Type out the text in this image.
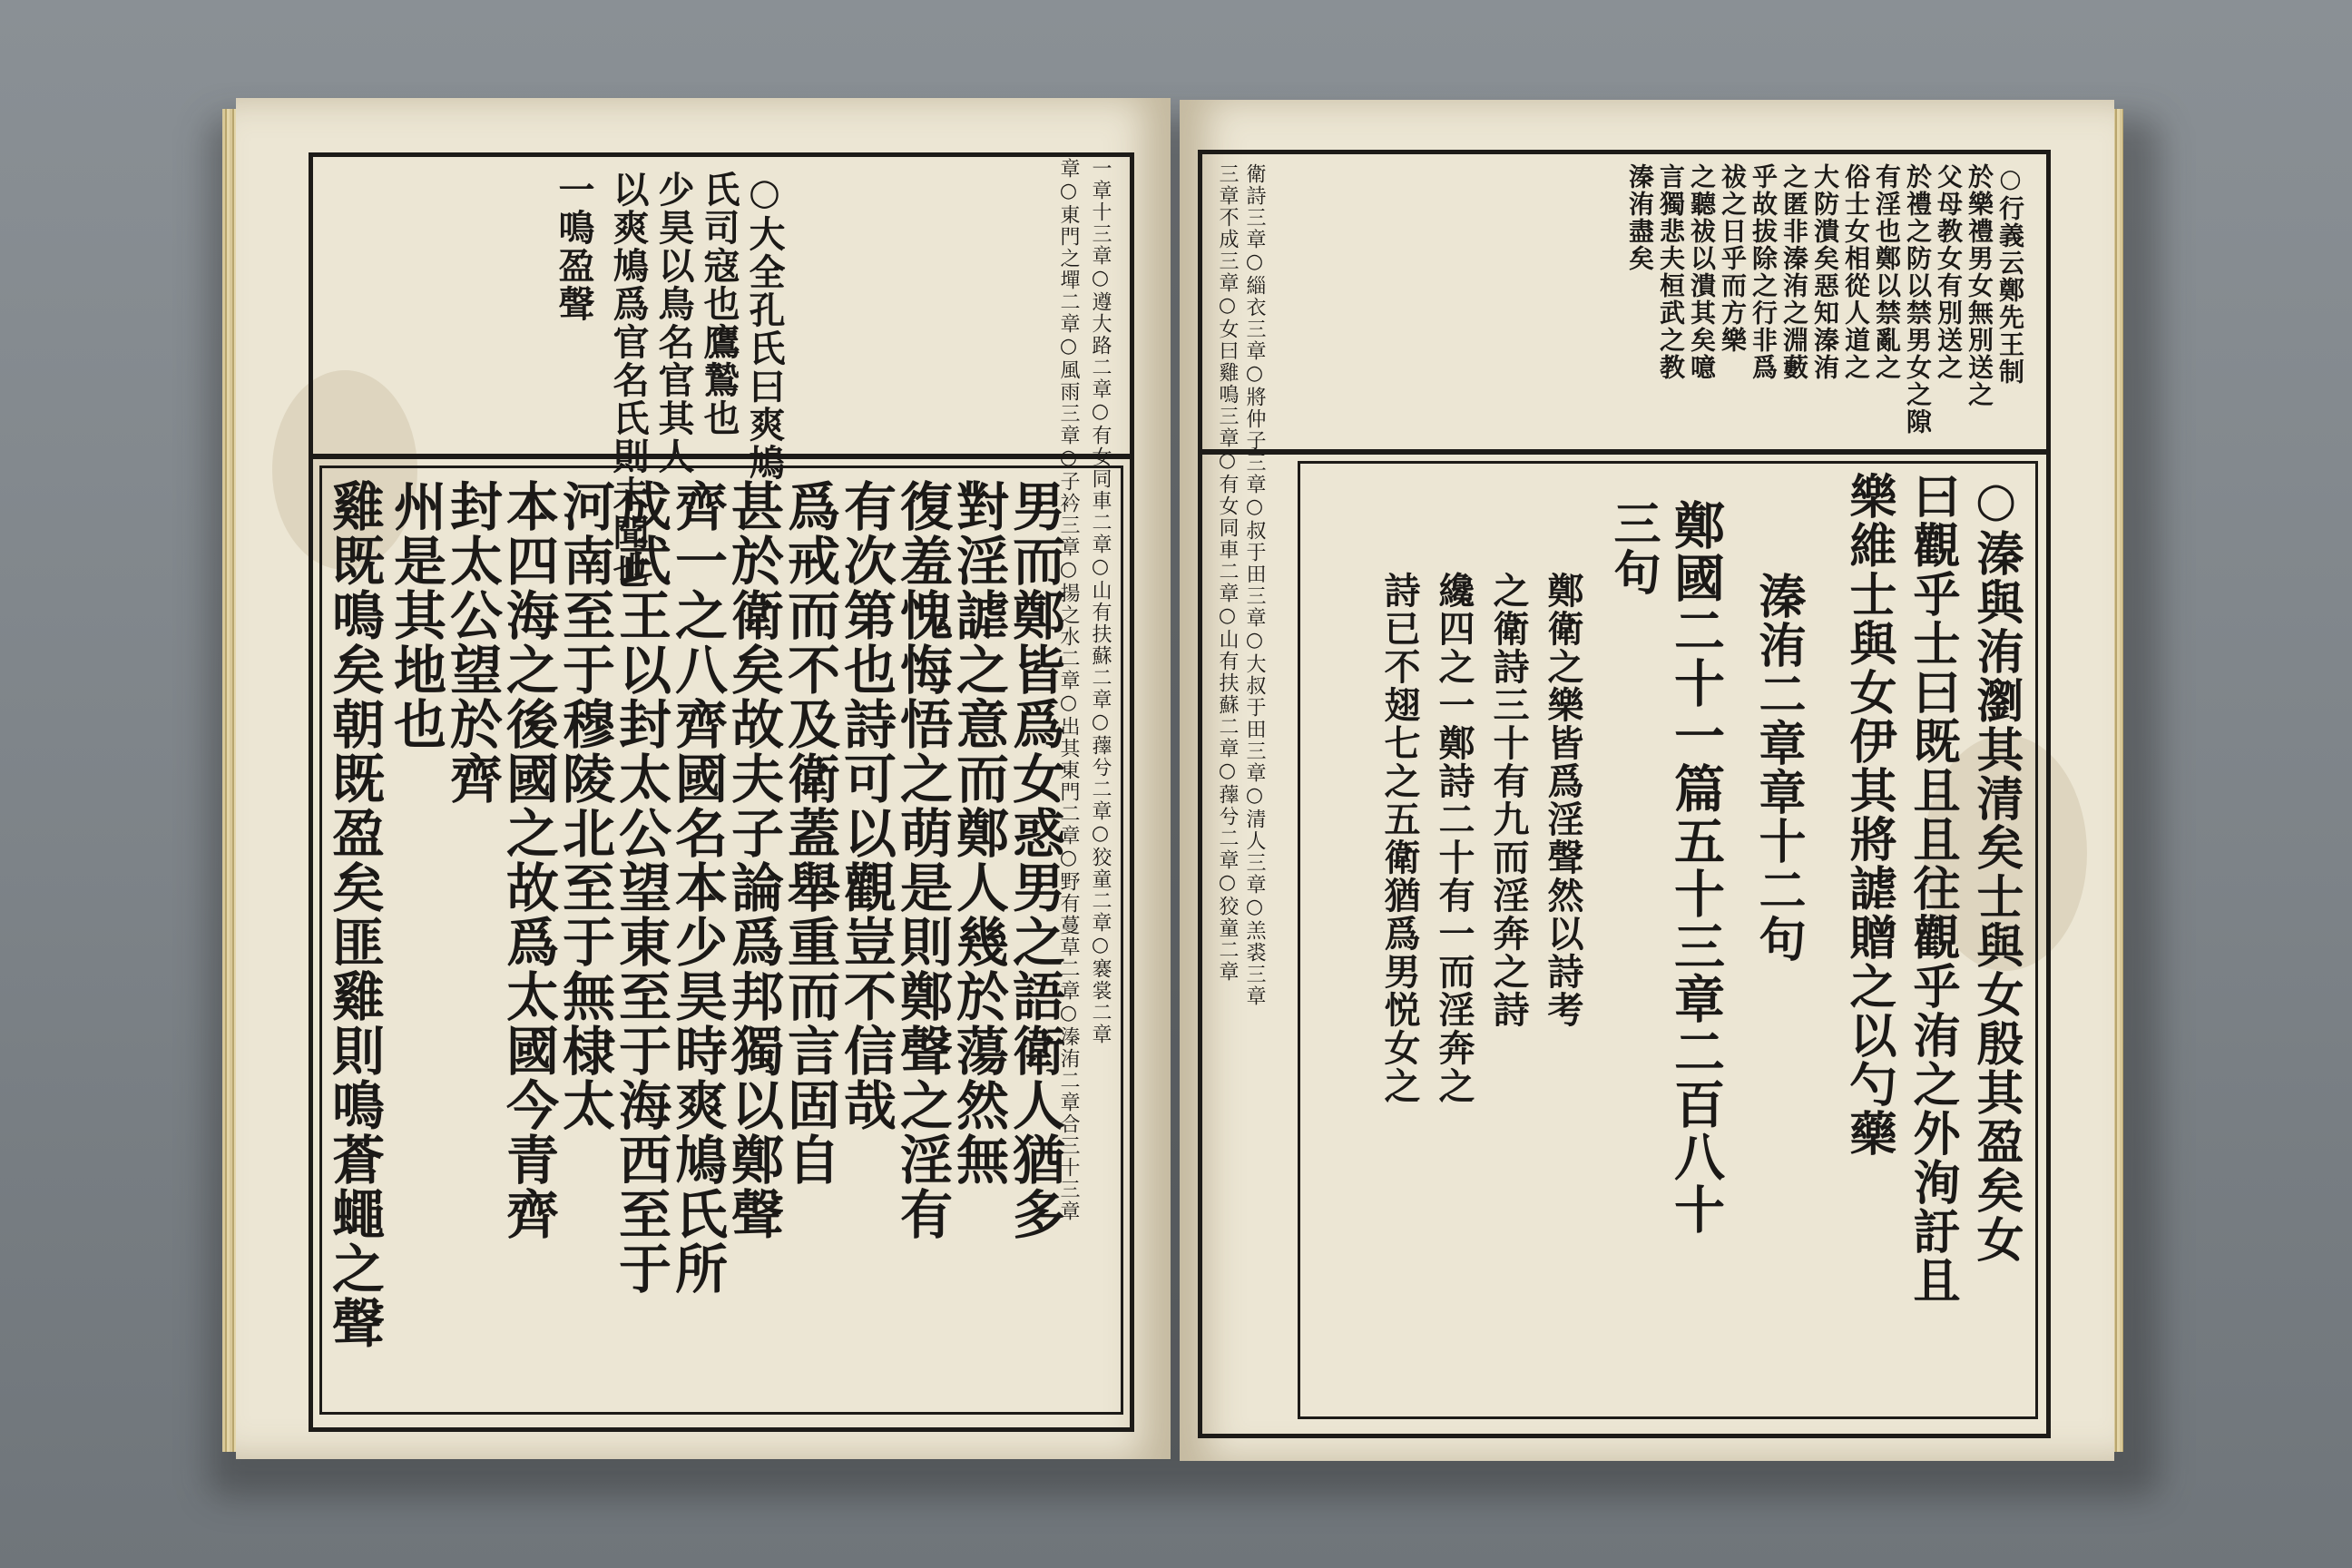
○大全孔氏曰爽鳩
氏司寇也鷹鷙也
少昊以鳥名官其人
以爽鳩爲官名氏則未聞也
一鳴盈聲	一章十三章○遵大路二章○有女同車二章○山有扶蘇二章○蘀兮二章○狡童二章○褰裳二章
章○東門之墠二章○風雨三章○子衿三章○揚之水二章○出其東門二章○野有蔓草二章○溱洧二章合三十三章
雞既鳴矣朝既盈矣匪雞則鳴蒼蠅之聲 州是其地也
封太公望於齊
本四海之後國之故爲太國今青齊
河南至于穆陵北至于無棣太
成武王以封太公望東至于海西至于
齊一之八齊國名本少昊時爽鳩氏所
甚於衛矣故夫子論爲邦獨以鄭聲
爲戒而不及衛蓋舉重而言固自
有次第也詩可以觀豈不信哉
復羞愧悔悟之萌是則鄭聲之淫有
對淫謔之意而鄭人幾於蕩然無
男而鄭皆爲女惑男之語衛人猶多
○行義云鄭先王制
於樂禮男女無別送之
父母教女有別送之
於禮之防以禁男女之隙
有淫也鄭以禁亂之
俗士女相從人道之
大防潰矣惡知溱洧
之匿非溱洧之淵藪
乎故拔除之行非爲
祓之日乎而方樂
之聽祓以潰其矣噫
言獨悲夫桓武之教
溱洧盡矣
衛詩三章○緇衣三章○將仲子三章○叔于田三章○大叔于田三章○清人三章○羔裘三章
三章不成三章○女曰雞鳴三章○有女同車二章○山有扶蘇二章○蘀兮二章○狡童二章	○溱與洧瀏其清矣士與女殷其盈矣女
曰觀乎士曰既且且往觀乎洧之外洵訏且
樂維士與女伊其將謔贈之以勺藥
溱洧二章章十二句
鄭國二十一篇五十三章二百八十
三句
鄭衛之樂皆爲淫聲然以詩考
之衛詩三十有九而淫奔之詩
纔四之一鄭詩二十有一而淫奔之
詩已不翅七之五衛猶爲男悦女之
